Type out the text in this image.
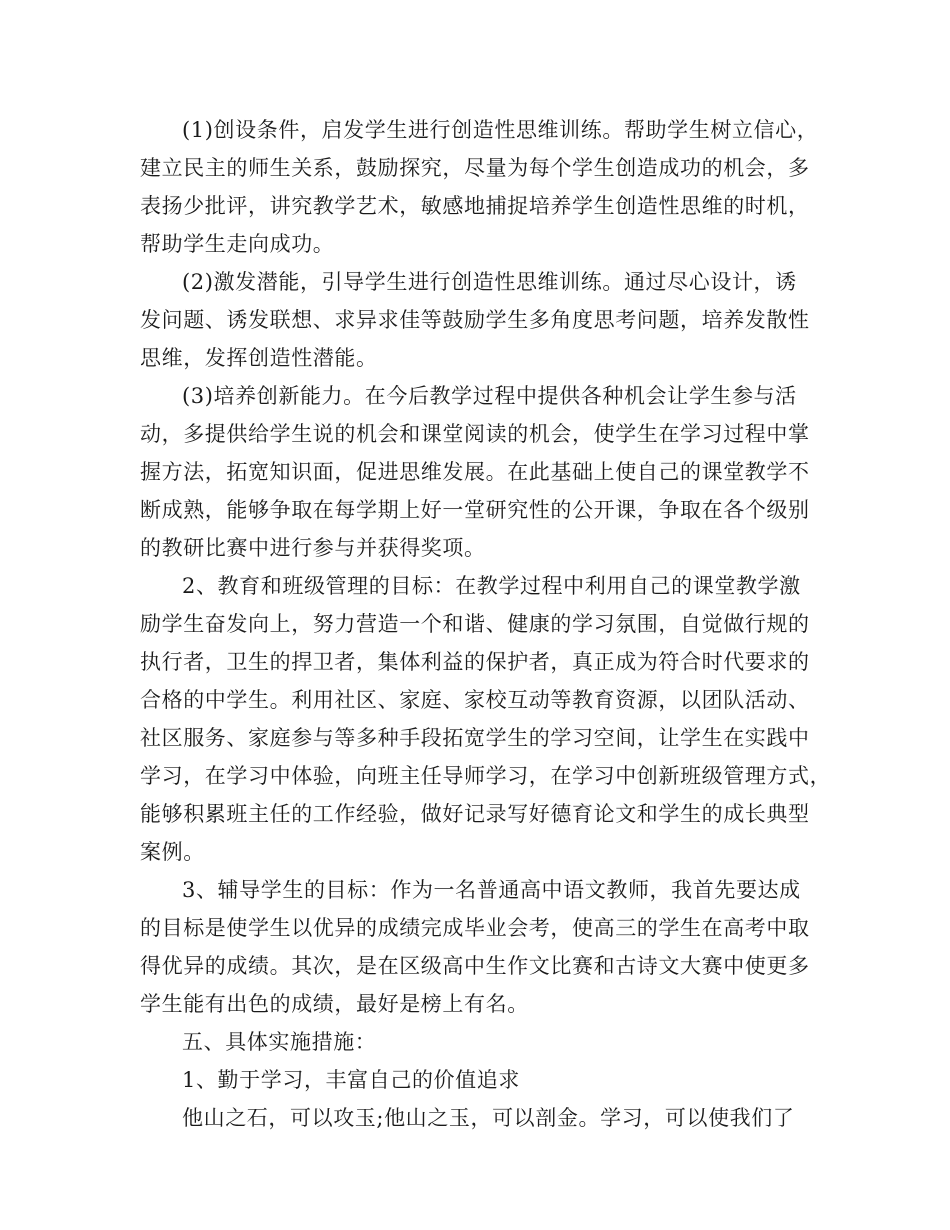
(1)创设条件，启发学生进行创造性思维训练。帮助学生树立信心，
建立民主的师生关系，鼓励探究，尽量为每个学生创造成功的机会，多
表扬少批评，讲究教学艺术，敏感地捕捉培养学生创造性思维的时机，
帮助学生走向成功。
(2)激发潜能，引导学生进行创造性思维训练。通过尽心设计，诱
发问题、诱发联想、求异求佳等鼓励学生多角度思考问题，培养发散性
思维，发挥创造性潜能。
(3)培养创新能力。在今后教学过程中提供各种机会让学生参与活
动，多提供给学生说的机会和课堂阅读的机会，使学生在学习过程中掌
握方法，拓宽知识面，促进思维发展。在此基础上使自己的课堂教学不
断成熟，能够争取在每学期上好一堂研究性的公开课，争取在各个级别
的教研比赛中进行参与并获得奖项。
2、教育和班级管理的目标：在教学过程中利用自己的课堂教学激
励学生奋发向上，努力营造一个和谐、健康的学习氛围，自觉做行规的
执行者，卫生的捍卫者，集体利益的保护者，真正成为符合时代要求的
合格的中学生。利用社区、家庭、家校互动等教育资源，以团队活动、
社区服务、家庭参与等多种手段拓宽学生的学习空间，让学生在实践中
学习，在学习中体验，向班主任导师学习，在学习中创新班级管理方式，
能够积累班主任的工作经验，做好记录写好德育论文和学生的成长典型
案例。
3、辅导学生的目标：作为一名普通高中语文教师，我首先要达成
的目标是使学生以优异的成绩完成毕业会考，使高三的学生在高考中取
得优异的成绩。其次，是在区级高中生作文比赛和古诗文大赛中使更多
学生能有出色的成绩，最好是榜上有名。
五、具体实施措施：
1、勤于学习，丰富自己的价值追求
他山之石，可以攻玉;他山之玉，可以剖金。学习，可以使我们了
